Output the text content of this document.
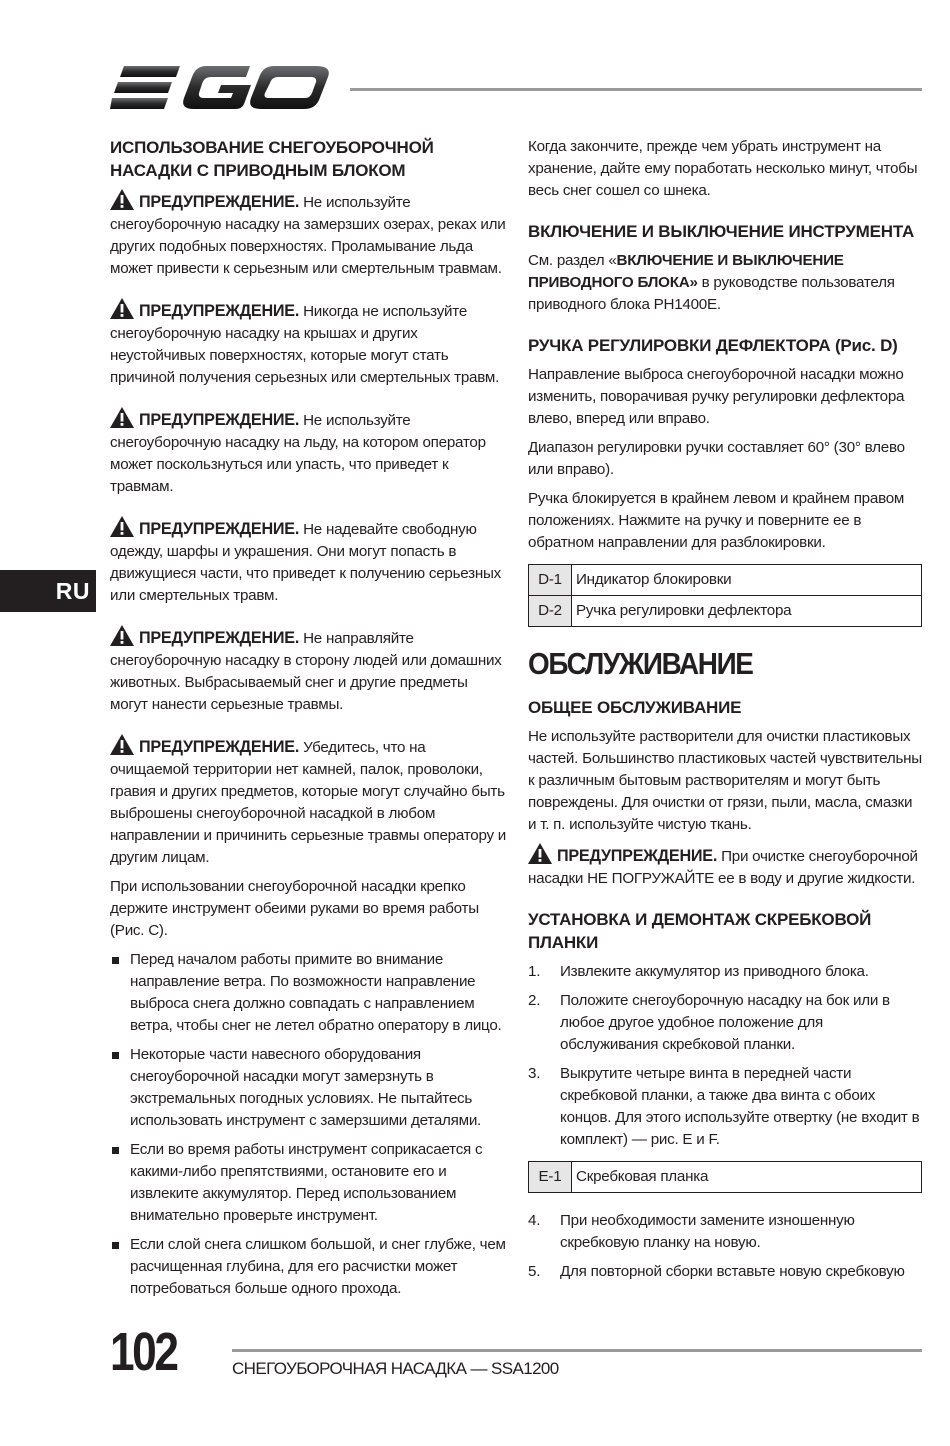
RU
ИСПОЛЬЗОВАНИЕ СНЕГОУБОРОЧНОЙ НАСАДКИ С ПРИВОДНЫМ БЛОКОМ

ПРЕДУПРЕЖДЕНИЕ. Не используйте снегоуборочную насадку на замерзших озерах, реках или других подобных поверхностях. Проламывание льда может привести к серьезным или смертельным травмам.

ПРЕДУПРЕЖДЕНИЕ. Никогда не используйте снегоуборочную насадку на крышах и других неустойчивых поверхностях, которые могут стать причиной получения серьезных или смертельных травм.

ПРЕДУПРЕЖДЕНИЕ. Не используйте снегоуборочную насадку на льду, на котором оператор может поскользнуться или упасть, что приведет к травмам.

ПРЕДУПРЕЖДЕНИЕ. Не надевайте свободную одежду, шарфы и украшения. Они могут попасть в движущиеся части, что приведет к получению серьезных или смертельных травм.

ПРЕДУПРЕЖДЕНИЕ. Не направляйте снегоуборочную насадку в сторону людей или домашних животных. Выбрасываемый снег и другие предметы могут нанести серьезные травмы.

ПРЕДУПРЕЖДЕНИЕ. Убедитесь, что на очищаемой территории нет камней, палок, проволоки, гравия и других предметов, которые могут случайно быть выброшены снегоуборочной насадкой в любом направлении и причинить серьезные травмы оператору и другим лицам.

При использовании снегоуборочной насадки крепко держите инструмент обеими руками во время работы (Рис. C).

Перед началом работы примите во внимание направление ветра. По возможности направление выброса снега должно совпадать с направлением ветра, чтобы снег не летел обратно оператору в лицо.
Некоторые части навесного оборудования снегоуборочной насадки могут замерзнуть в экстремальных погодных условиях. Не пытайтесь использовать инструмент с замерзшими деталями.
Если во время работы инструмент соприкасается с какими-либо препятствиями, остановите его и извлеките аккумулятор. Перед использованием внимательно проверьте инструмент.
Если слой снега слишком большой, и снег глубже, чем расчищенная глубина, для его расчистки может потребоваться больше одного прохода.

Когда закончите, прежде чем убрать инструмент на хранение, дайте ему поработать несколько минут, чтобы весь снег сошел со шнека.

ВКЛЮЧЕНИЕ И ВЫКЛЮЧЕНИЕ ИНСТРУМЕНТА

См. раздел «ВКЛЮЧЕНИЕ И ВЫКЛЮЧЕНИЕ ПРИВОДНОГО БЛОКА» в руководстве пользователя приводного блока PH1400E.

РУЧКА РЕГУЛИРОВКИ ДЕФЛЕКТОРА (Рис. D)

Направление выброса снегоуборочной насадки можно изменить, поворачивая ручку регулировки дефлектора влево, вперед или вправо.

Диапазон регулировки ручки составляет 60° (30° влево или вправо).

Ручка блокируется в крайнем левом и крайнем правом положениях. Нажмите на ручку и поверните ее в обратном направлении для разблокировки.

D-1	Индикатор блокировки
D-2	Ручка регулировки дефлектора
ОБСЛУЖИВАНИЕ
ОБЩЕЕ ОБСЛУЖИВАНИЕ

Не используйте растворители для очистки пластиковых частей. Большинство пластиковых частей чувствительны к различным бытовым растворителям и могут быть повреждены. Для очистки от грязи, пыли, масла, смазки и т. п. используйте чистую ткань.

ПРЕДУПРЕЖДЕНИЕ. При очистке снегоуборочной насадки НЕ ПОГРУЖАЙТЕ ее в воду и другие жидкости.

УСТАНОВКА И ДЕМОНТАЖ СКРЕБКОВОЙ ПЛАНКИ
1. Извлеките аккумулятор из приводного блока.
2. Положите снегоуборочную насадку на бок или в любое другое удобное положение для обслуживания скребковой планки.
3. Выкрутите четыре винта в передней части скребковой планки, а также два винта с обоих концов. Для этого используйте отвертку (не входит в комплект) — рис. E и F.
E-1	Скребковая планка
4. При необходимости замените изношенную скребковую планку на новую.
5. Для повторной сборки вставьте новую скребковую
102	СНЕГОУБОРОЧНАЯ НАСАДКА — SSA1200
